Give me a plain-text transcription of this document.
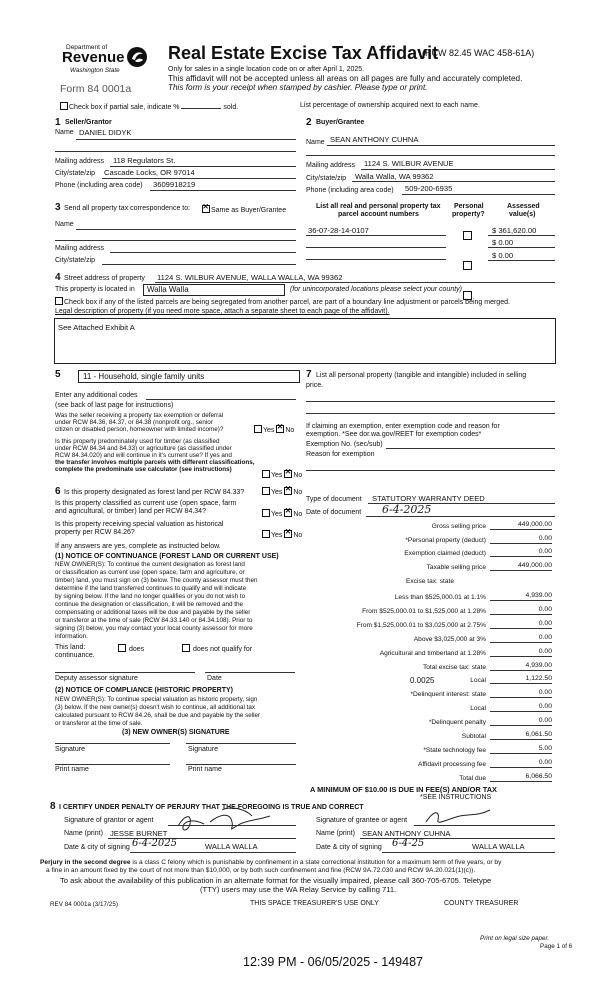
Department of
Revenue
Washington State
Form 84 0001a
Real Estate Excise Tax Affidavit
(RCW 82.45 WAC 458-61A)
Only for sales in a single location code on or after April 1, 2025.
This affidavit will not be accepted unless all areas on all pages are fully and accurately completed.
This form is your receipt when stamped by cashier. Please type or print.
Check box if partial sale, indicate %	sold.	List percentage of ownership acquired next to each name.
1 Seller/Grantor
Name DANIEL DIDYK
Mailing address 118 Regulators St.
City/state/zip Cascade Locks, OR 97014
Phone (including area code) 3609918219
2 Buyer/Grantee
Name SEAN ANTHONY CUHNA
Mailing address 1124 S. WILBUR AVENUE
City/state/zip Walla Walla, WA 99362
Phone (including area code) 509-200-6935
3 Send all property tax correspondence to: ✕	Same as Buyer/Grantee
Name
Mailing address
City/state/zip
List all real and personal property tax
parcel account numbers
Personal
property?
Assessed
value(s)
36-07-28-14-0107	$ 361,620.00
$ 0.00
$ 0.00
4 Street address of property 1124 S. WILBUR AVENUE, WALLA WALLA, WA 99362
This property is located in Walla Walla	(for unincorporated locations please select your county)
Check box if any of the listed parcels are being segregated from another parcel, are part of a boundary line adjustment or parcels being merged.
Legal description of property (if you need more space, attach a separate sheet to each page of the affidavit).
See Attached Exhibit A
5	11 - Household, single family units
Enter any additional codes
(see back of last page for instructions)
Was the seller receiving a property tax exemption or deferral
under RCW 84.36, 84.37, or 84.38 (nonprofit org., senior
citizen or disabled person, homeowner with limited income)?	Yes ✕ No
Is this property predominately used for timber (as classified
under RCW 84.34 and 84.33) or agriculture (as classified under
RCW 84.34.020) and will continue in it's current use? If yes and
the transfer involves multiple parcels with different classifications,
complete the predominate use calculator (see instructions)
Yes ✕ No
6 Is this property designated as forest land per RCW 84.33?	Yes ✕ No
Is this property classified as current use (open space, farm
and agricultural, or timber) land per RCW 84.34?	Yes ✕ No
Is this property receiving special valuation as historical
property per RCW 84.26?	Yes ✕ No
If any answers are yes, complete as instructed below.
(1) NOTICE OF CONTINUANCE (FOREST LAND OR CURRENT USE)
NEW OWNER(S): To continue the current designation as forest land
or classification as current use (open space, farm and agriculture, or
timber) land, you must sign on (3) below. The county assessor must then
determine if the land transferred continues to qualify and will indicate
by signing below. If the land no longer qualifies or you do not wish to
continue the designation or classification, it will be removed and the
compensating or additional taxes will be due and payable by the seller
or transferor at the time of sale (RCW 84.33.140 or 84.34.108). Prior to
signing (3) below, you may contact your local county assessor for more
information.
This land:	does	does not qualify for
continuance.
Deputy assessor signature	Date
(2) NOTICE OF COMPLIANCE (HISTORIC PROPERTY)
NEW OWNER(S): To continue special valuation as historic property, sign
(3) below. If the new owner(s) doesn't wish to continue, all additional tax
calculated pursuant to RCW 84.26, shall be due and payable by the seller
or transferor at the time of sale.
(3) NEW OWNER(S) SIGNATURE
Signature	Signature
Print name	Print name
7 List all personal property (tangible and intangible) included in selling
price.
If claiming an exemption, enter exemption code and reason for
exemption. *See dor.wa.gov/REET for exemption codes*
Exemption No. (sec/sub)
Reason for exemption
Type of document STATUTORY WARRANTY DEED
Date of document 6-4-2025
Gross selling price	449,000.00
*Personal property (deduct)	0.00
Exemption claimed (deduct)	0.00
Taxable selling price	449,000.00
Excise tax: state
Less than $525,000.01 at 1.1%	4,939.00
From $525,000.01 to $1,525,000 at 1.28%	0.00
From $1,525,000.01 to $3,025,000 at 2.75%	0.00
Above $3,025,000 at 3%	0.00
Agricultural and timberland at 1.28%	0.00
Total excise tax: state	4,939.00
0.0025	Local	1,122.50
*Delinquent interest: state	0.00
Local	0.00
*Delinquent penalty	0.00
Subtotal	6,061.50
*State technology fee	5.00
Affidavit processing fee	0.00
Total due	6,066.50
A MINIMUM OF $10.00 IS DUE IN FEE(S) AND/OR TAX
*SEE INSTRUCTIONS
8 I CERTIFY UNDER PENALTY OF PERJURY THAT THE FOREGOING IS TRUE AND CORRECT
Signature of grantor or agent
Name (print) JESSE BURNET
Date & city of signing 6-4-2025	WALLA WALLA
Signature of grantee or agent
Name (print) SEAN ANTHONY CUHNA
Date & city of signing 6-4-25	WALLA WALLA
Perjury in the second degree is a class C felony which is punishable by confinement in a state correctional institution for a maximum term of five years, or by
a fine in an amount fixed by the court of not more than $10,000, or by both such confinement and fine (RCW 9A.72.030 and RCW 9A.20.021(1)(c)).
To ask about the availability of this publication in an alternate format for the visually impaired, please call 360-705-6705. Teletype
(TTY) users may use the WA Relay Service by calling 711.
REV 84 0001a (3/17/25)	THIS SPACE TREASURER'S USE ONLY	COUNTY TREASURER
Print on legal size paper.
Page 1 of 6
12:39 PM - 06/05/2025 - 149487
